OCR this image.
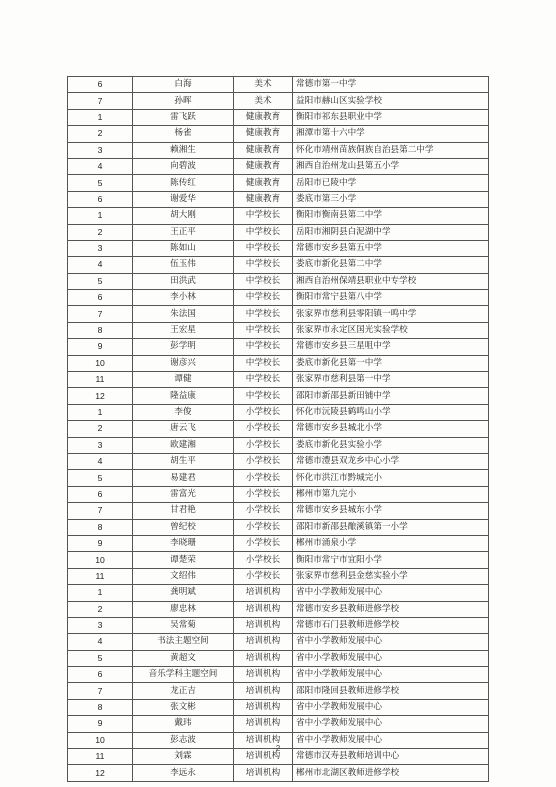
6	白海	美术	常德市第一中学
7	孙晖	美术	益阳市赫山区实验学校
1	雷飞跃	健康教育	衡阳市祁东县职业中学
2	杨雀	健康教育	湘潭市第十六中学
3	赖湘生	健康教育	怀化市靖州苗族侗族自治县第二中学
4	向碧波	健康教育	湘西自治州龙山县第五小学
5	陈传红	健康教育	岳阳市已陵中学
6	谢爱华	健康教育	娄底市第三小学
1	胡大刚	中学校长	衡阳市衡南县第二中学
2	王正平	中学校长	岳阳市湘阴县白泥湖中学
3	陈如山	中学校长	常德市安乡县第五中学
4	伍玉伟	中学校长	娄底市新化县第二中学
5	田洪武	中学校长	湘西自治州保靖县职业中专学校
6	李小林	中学校长	衡阳市常宁县第八中学
7	朱法国	中学校长	张家界市慈利县零阳镇一鸣中学
8	王宏星	中学校长	张家界市永定区国光实验学校
9	彭学明	中学校长	常德市安乡县三星咀中学
10	谢彦兴	中学校长	娄底市新化县第一中学
11	谭健	中学校长	张家界市慈利县第一中学
12	隆益康	中学校长	邵阳市新邵县新田铺中学
1	李俊	小学校长	怀化市沅陵县鹤鸣山小学
2	唐云飞	小学校长	常德市安乡县城北小学
3	欧建湘	小学校长	娄底市新化县实验小学
4	胡生平	小学校长	常德市澧县双龙乡中心小学
5	易建君	小学校长	怀化市洪江市黔城完小
6	雷富光	小学校长	郴州市第九完小
7	甘君艳	小学校长	常德市安乡县城东小学
8	曾纪校	小学校长	邵阳市新邵县酿溪镇第一小学
9	李晓珊	小学校长	郴州市涌泉小学
10	谭楚荣	小学校长	衡阳市常宁市宜阳小学
11	文绍伟	小学校长	张家界市慈利县金慈实验小学
1	龚明斌	培训机构	省中小学教师发展中心
2	廖忠林	培训机构	常德市安乡县教师进修学校
3	吴常菊	培训机构	常德市石门县教师进修学校
4	书法主题空间	培训机构	省中小学教师发展中心
5	黄超文	培训机构	省中小学教师发展中心
6	音乐学科主题空间	培训机构	省中小学教师发展中心
7	龙正吉	培训机构	邵阳市隆回县教师进修学校
8	张文彬	培训机构	省中小学教师发展中心
9	戴玮	培训机构	省中小学教师发展中心
10	彭志波	培训机构	省中小学教师发展中心
11	刘霖	培训机构	常德市汉寿县教师培训中心
12	李远永	培训机构	郴州市北湖区教师进修学校
2
